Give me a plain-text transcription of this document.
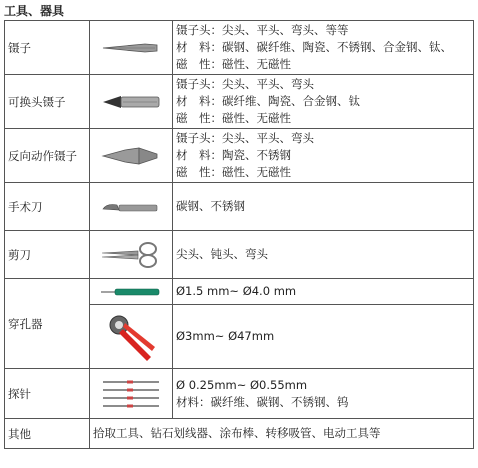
工具、器具
镊子		镊子头：尖头、平头、弯头、等等
材　料：碳钢、碳纤维、陶瓷、不锈钢、合金钢、钛、
磁　性：磁性、无磁性

可换头镊子		镊子头：尖头、平头、弯头
材　料：碳纤维、陶瓷、合金钢、钛
磁　性：磁性、无磁性

反向动作镊子		镊子头：尖头、平头、弯头
材　料：陶瓷、不锈钢
磁　性：磁性、无磁性

手术刀		碳钢、不锈钢

剪刀		尖头、钝头、弯头

穿孔器		Ø1.5 mm~ Ø4.0 mm

Ø3mm~ Ø47mm

探针		Ø 0.25mm~ Ø0.55mm
材料：碳纤维、碳钢、不锈钢、钨

其他	拾取工具、钻石划线器、涂布棒、转移吸管、电动工具等	
